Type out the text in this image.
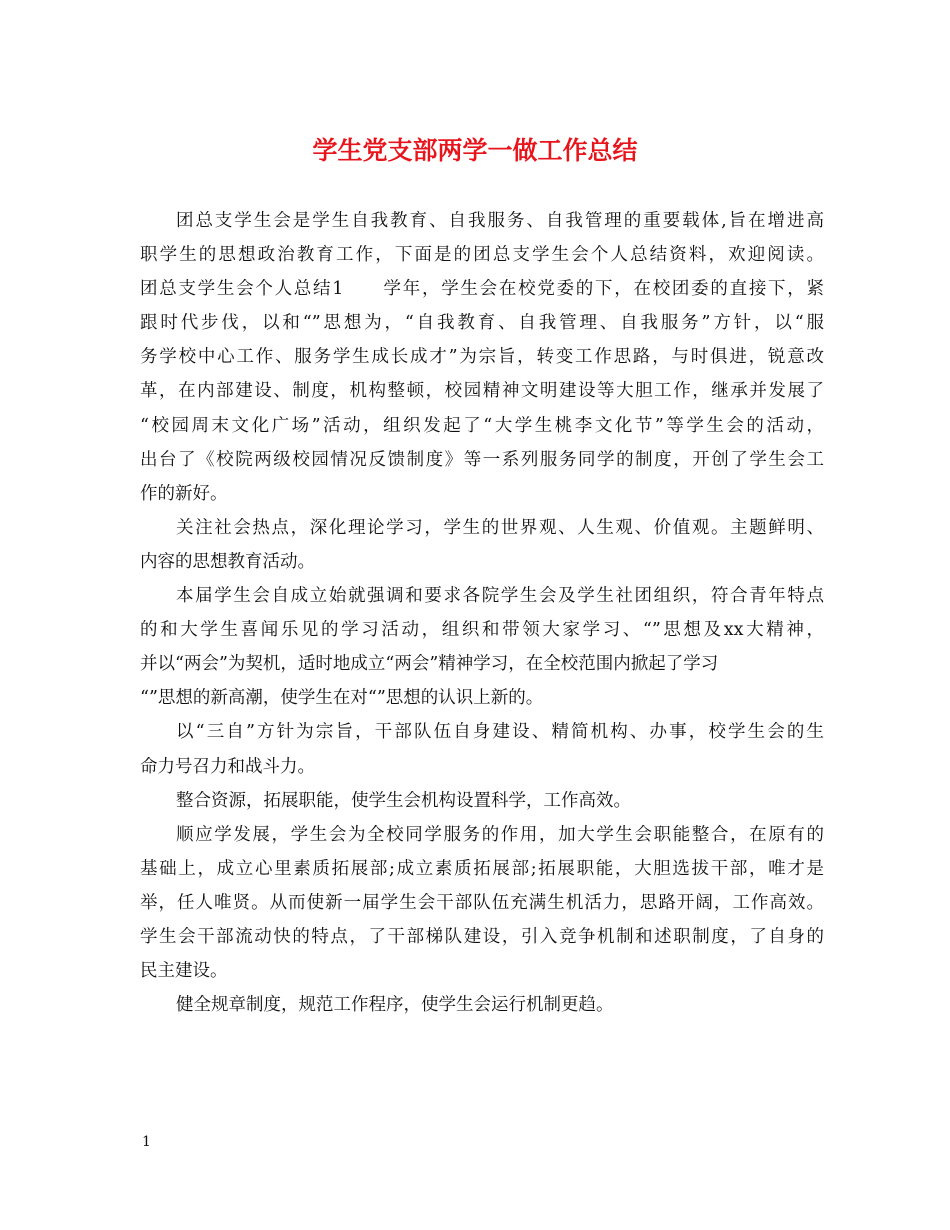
学生党支部两学一做工作总结
团总支学生会是学生自我教育、自我服务、自我管理的重要载体,旨在增进高
职学生的思想政治教育工作，下面是的团总支学生会个人总结资料，欢迎阅读。
团总支学生会个人总结1　　学年，学生会在校党委的下，在校团委的直接下，紧
跟时代步伐，以和“”思想为，“自我教育、自我管理、自我服务”方针，以“服
务学校中心工作、服务学生成长成才”为宗旨，转变工作思路，与时俱进，锐意改
革，在内部建设、制度，机构整顿，校园精神文明建设等大胆工作，继承并发展了
“校园周末文化广场”活动，组织发起了“大学生桃李文化节”等学生会的活动，
出台了《校院两级校园情况反馈制度》等一系列服务同学的制度，开创了学生会工
作的新好。
关注社会热点，深化理论学习，学生的世界观、人生观、价值观。主题鲜明、
内容的思想教育活动。
本届学生会自成立始就强调和要求各院学生会及学生社团组织，符合青年特点
的和大学生喜闻乐见的学习活动，组织和带领大家学习、“”思想及xx大精神，
并以“两会”为契机，适时地成立“两会”精神学习，在全校范围内掀起了学习
“”思想的新高潮，使学生在对“”思想的认识上新的。
以“三自”方针为宗旨，干部队伍自身建设、精简机构、办事，校学生会的生
命力号召力和战斗力。
整合资源，拓展职能，使学生会机构设置科学，工作高效。
顺应学发展，学生会为全校同学服务的作用，加大学生会职能整合，在原有的
基础上，成立心里素质拓展部;成立素质拓展部;拓展职能，大胆选拔干部，唯才是
举，任人唯贤。从而使新一届学生会干部队伍充满生机活力，思路开阔，工作高效。
学生会干部流动快的特点，了干部梯队建设，引入竞争机制和述职制度，了自身的
民主建设。
健全规章制度，规范工作程序，使学生会运行机制更趋。
1
